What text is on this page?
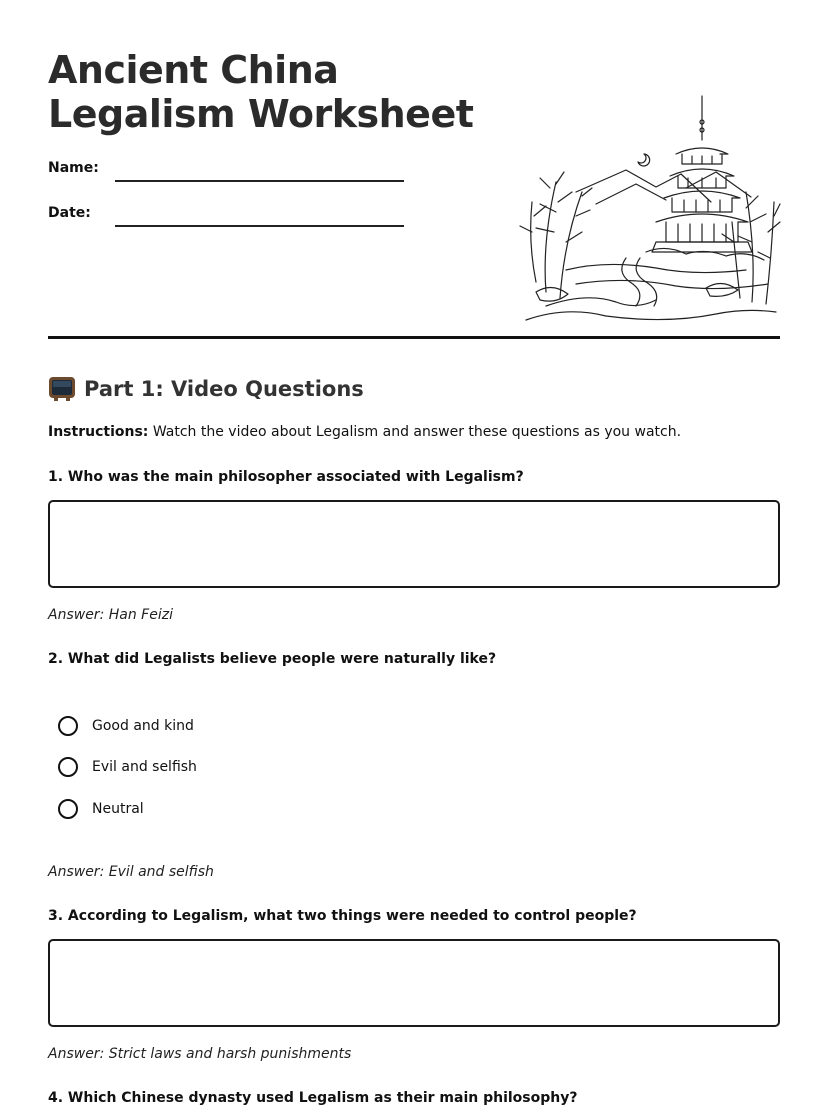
Ancient China Legalism Worksheet
Name:
Date:
Part 1: Video Questions
Instructions: Watch the video about Legalism and answer these questions as you watch.
1. Who was the main philosopher associated with Legalism?
Answer: Han Feizi
2. What did Legalists believe people were naturally like?
Good and kind
Evil and selfish
Neutral
Answer: Evil and selfish
3. According to Legalism, what two things were needed to control people?
Answer: Strict laws and harsh punishments
4. Which Chinese dynasty used Legalism as their main philosophy?
